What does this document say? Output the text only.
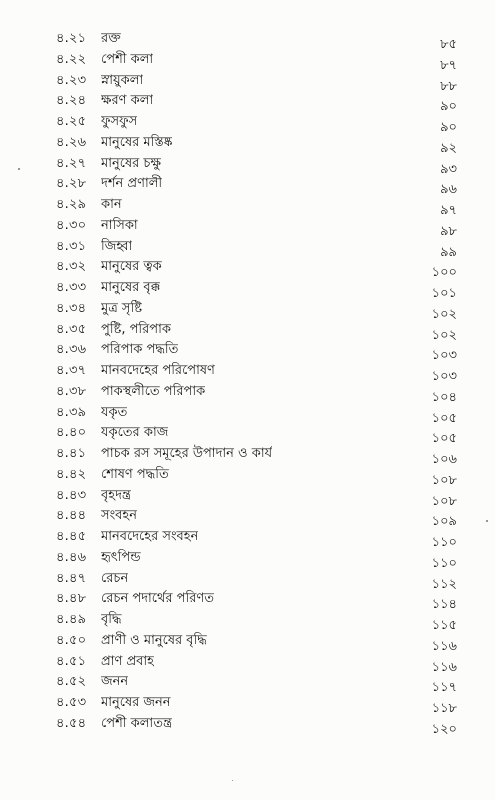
৪.২১ রক্ত	৮৫
৪.২২ পেশী কলা	৮৭
৪.২৩ স্নায়ুকলা	৮৮
৪.২৪ ক্ষরণ কলা	৯০
৪.২৫ ফুসফুস	৯০
৪.২৬ মানুষের মস্তিষ্ক	৯২
৪.২৭ মানুষের চক্ষু	৯৩
৪.২৮ দর্শন প্রণালী	৯৬
৪.২৯ কান	৯৭
৪.৩০ নাসিকা	৯৮
৪.৩১ জিহ্বা	৯৯
৪.৩২ মানুষের ত্বক	১০০
৪.৩৩ মানুষের বৃক্ক	১০১
৪.৩৪ মুত্র সৃষ্টি	১০২
৪.৩৫ পুষ্টি, পরিপাক	১০২
৪.৩৬ পরিপাক পদ্ধতি	১০৩
৪.৩৭ মানবদেহের পরিপোষণ	১০৩
৪.৩৮ পাকস্থলীতে পরিপাক	১০৪
৪.৩৯ যকৃত	১০৫
৪.৪০ যকৃতের কাজ	১০৫
৪.৪১ পাচক রস সমূহের উপাদান ও কার্য	১০৬
৪.৪২ শোষণ পদ্ধতি	১০৮
৪.৪৩ বৃহদন্ত্র	১০৮
৪.৪৪ সংবহন	১০৯
৪.৪৫ মানবদেহের সংবহন	১১০
৪.৪৬ হৃৎপিন্ড	১১০
৪.৪৭ রেচন	১১২
৪.৪৮ রেচন পদার্থের পরিণত	১১৪
৪.৪৯ বৃদ্ধি	১১৫
৪.৫০ প্রাণী ও মানুষের বৃদ্ধি	১১৬
৪.৫১ প্রাণ প্রবাহ	১১৬
৪.৫২ জনন	১১৭
৪.৫৩ মানুষের জনন	১১৮
৪.৫৪ পেশী কলাতন্ত্র	১২০
